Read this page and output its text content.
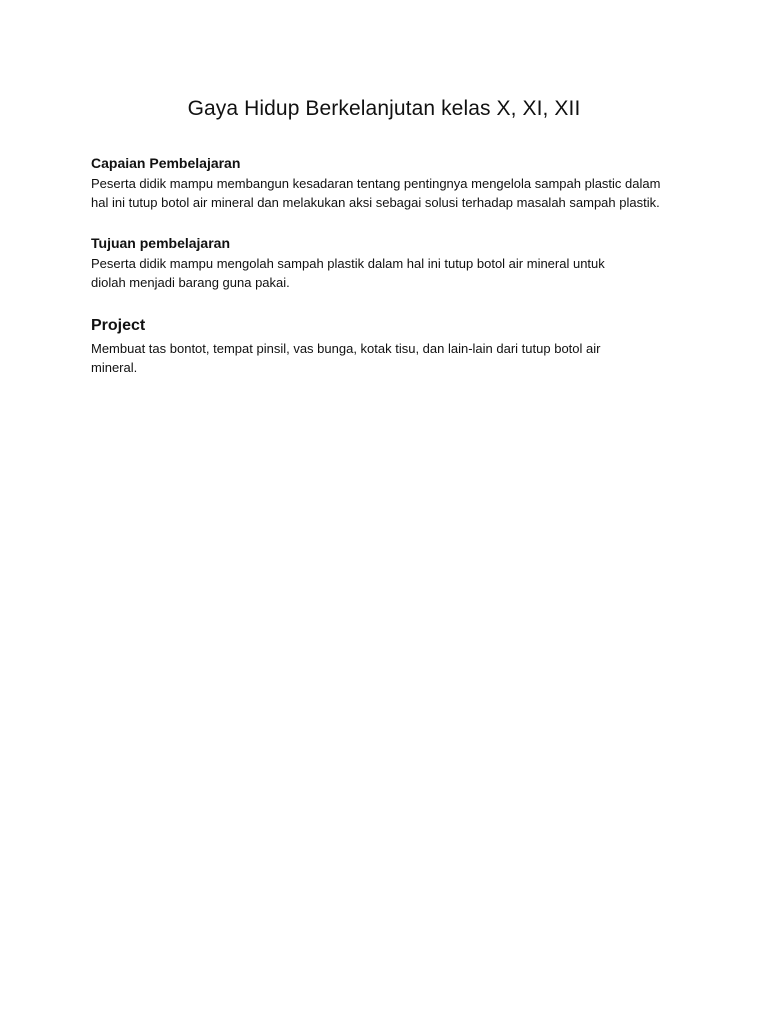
Gaya Hidup Berkelanjutan kelas X, XI, XII
Capaian Pembelajaran

Peserta didik mampu membangun kesadaran tentang pentingnya mengelola sampah plastic dalam
hal ini tutup botol air mineral dan melakukan aksi sebagai solusi terhadap masalah sampah plastik.

Tujuan pembelajaran

Peserta didik mampu mengolah sampah plastik dalam hal ini tutup botol air mineral untuk
diolah menjadi barang guna pakai.

Project

Membuat tas bontot, tempat pinsil, vas bunga, kotak tisu, dan lain-lain dari tutup botol air
mineral.
